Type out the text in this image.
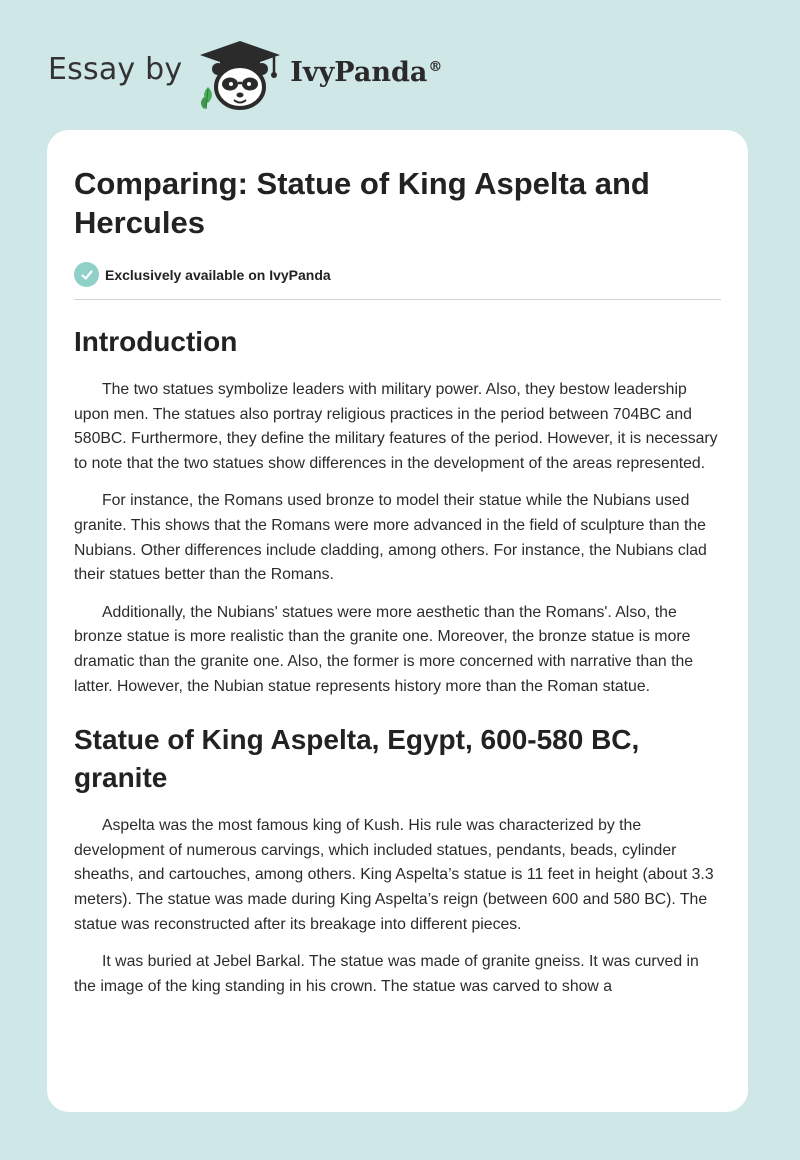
Essay by	IvyPanda®
Comparing: Statue of King Aspelta and Hercules
Exclusively available on IvyPanda
Introduction

The two statues symbolize leaders with military power. Also, they bestow leadership upon men. The statues also portray religious practices in the period between 704BC and 580BC. Furthermore, they define the military features of the period. However, it is necessary to note that the two statues show differences in the development of the areas represented.

For instance, the Romans used bronze to model their statue while the Nubians used granite. This shows that the Romans were more advanced in the field of sculpture than the Nubians. Other differences include cladding, among others. For instance, the Nubians clad their statues better than the Romans.

Additionally, the Nubians' statues were more aesthetic than the Romans'. Also, the bronze statue is more realistic than the granite one. Moreover, the bronze statue is more dramatic than the granite one. Also, the former is more concerned with narrative than the latter. However, the Nubian statue represents history more than the Roman statue.

Statue of King Aspelta, Egypt, 600-580 BC, granite

Aspelta was the most famous king of Kush. His rule was characterized by the development of numerous carvings, which included statues, pendants, beads, cylinder sheaths, and cartouches, among others. King Aspelta’s statue is 11 feet in height (about 3.3 meters). The statue was made during King Aspelta’s reign (between 600 and 580 BC). The statue was reconstructed after its breakage into different pieces.

It was buried at Jebel Barkal. The statue was made of granite gneiss. It was curved in the image of the king standing in his crown. The statue was carved to show a
